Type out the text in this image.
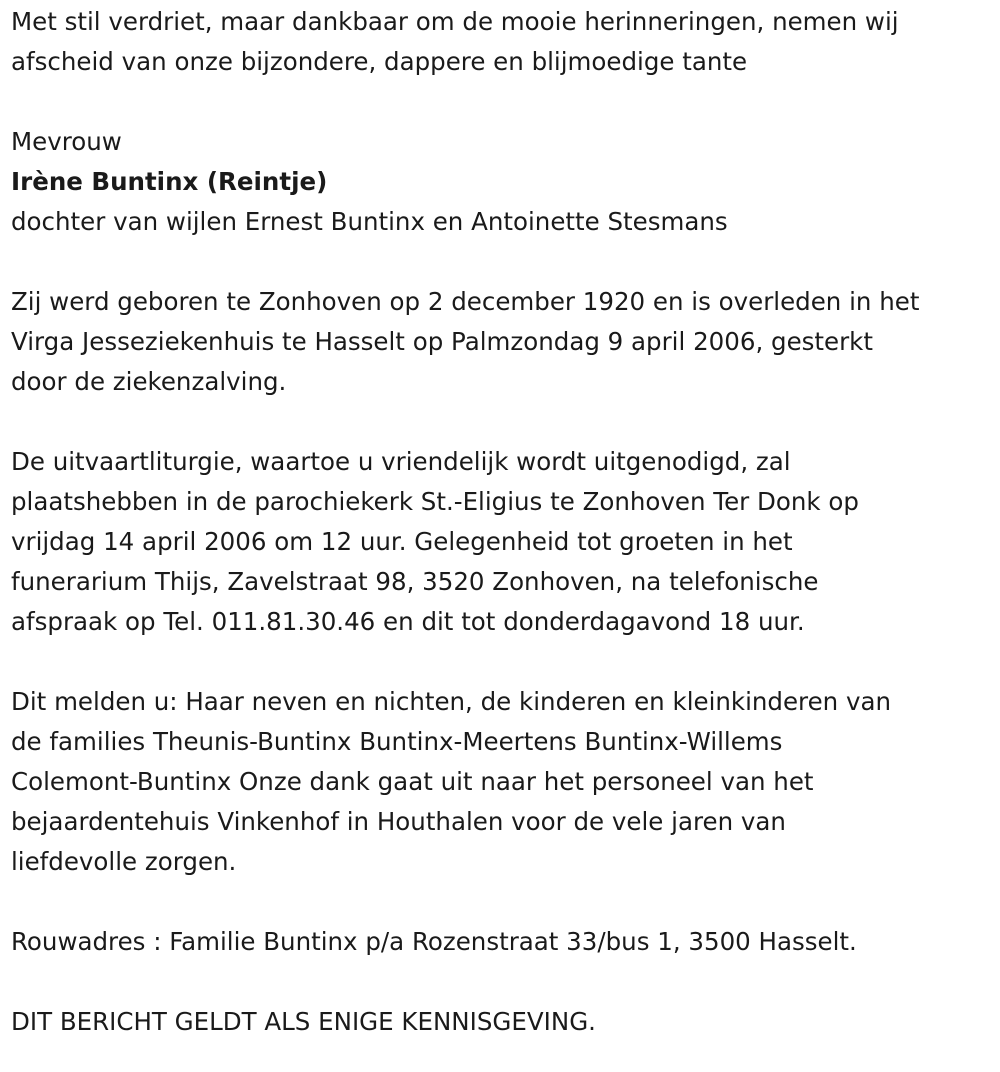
Met stil verdriet, maar dankbaar om de mooie herinneringen, nemen wij
afscheid van onze bijzondere, dappere en blijmoedige tante

Mevrouw

Irène Buntinx (Reintje)

dochter van wijlen Ernest Buntinx en Antoinette Stesmans

Zij werd geboren te Zonhoven op 2 december 1920 en is overleden in het
Virga Jesseziekenhuis te Hasselt op Palmzondag 9 april 2006, gesterkt
door de ziekenzalving.

De uitvaartliturgie, waartoe u vriendelijk wordt uitgenodigd, zal
plaatshebben in de parochiekerk St.-Eligius te Zonhoven Ter Donk op
vrijdag 14 april 2006 om 12 uur. Gelegenheid tot groeten in het
funerarium Thijs, Zavelstraat 98, 3520 Zonhoven, na telefonische
afspraak op Tel. 011.81.30.46 en dit tot donderdagavond 18 uur.

Dit melden u: Haar neven en nichten, de kinderen en kleinkinderen van
de families Theunis-Buntinx Buntinx-Meertens Buntinx-Willems
Colemont-Buntinx Onze dank gaat uit naar het personeel van het
bejaardentehuis Vinkenhof in Houthalen voor de vele jaren van
liefdevolle zorgen.

Rouwadres : Familie Buntinx p/a Rozenstraat 33/bus 1, 3500 Hasselt.

DIT BERICHT GELDT ALS ENIGE KENNISGEVING.
